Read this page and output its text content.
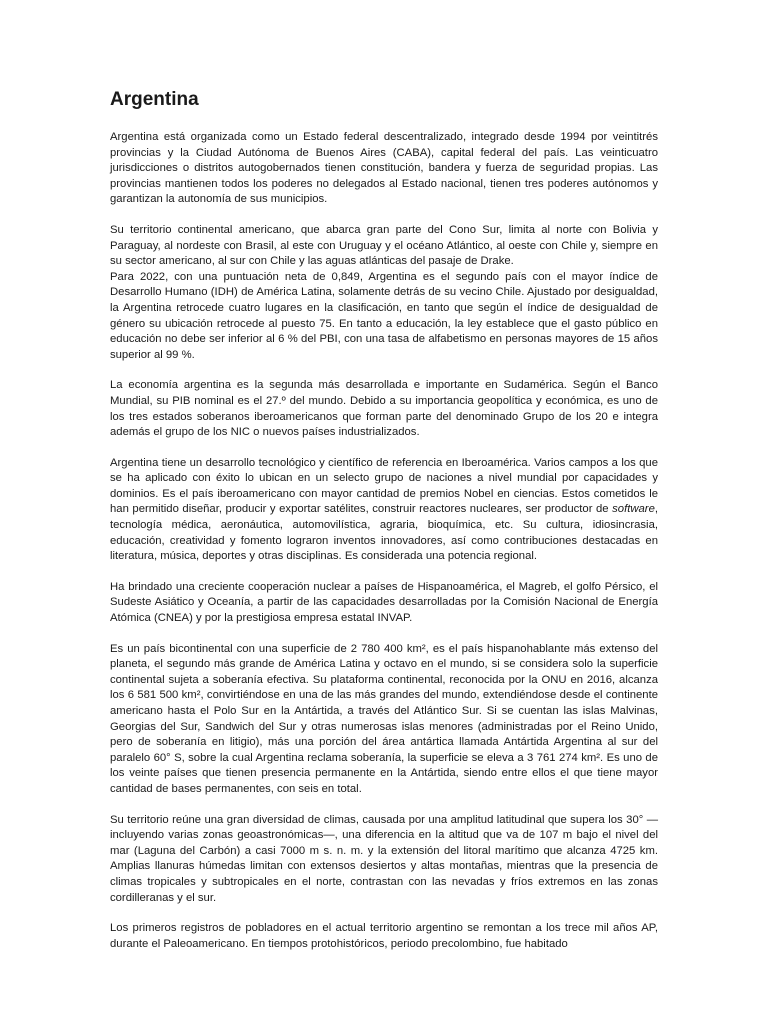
Argentina

Argentina está organizada como un Estado federal descentralizado, integrado desde 1994 por veintitrés provincias y la Ciudad Autónoma de Buenos Aires (CABA), capital federal del país. Las veinticuatro jurisdicciones o distritos autogobernados tienen constitución, bandera y fuerza de seguridad propias. Las provincias mantienen todos los poderes no delegados al Estado nacional, tienen tres poderes autónomos y garantizan la autonomía de sus municipios.

Su territorio continental americano, que abarca gran parte del Cono Sur, limita al norte con Bolivia y Paraguay, al nordeste con Brasil, al este con Uruguay y el océano Atlántico, al oeste con Chile y, siempre en su sector americano, al sur con Chile y las aguas atlánticas del pasaje de Drake.

Para 2022, con una puntuación neta de 0,849, Argentina es el segundo país con el mayor índice de Desarrollo Humano (IDH) de América Latina, solamente detrás de su vecino Chile. Ajustado por desigualdad, la Argentina retrocede cuatro lugares en la clasificación, en tanto que según el índice de desigualdad de género su ubicación retrocede al puesto 75. En tanto a educación, la ley establece que el gasto público en educación no debe ser inferior al 6 % del PBI, con una tasa de alfabetismo en personas mayores de 15 años superior al 99 %.

La economía argentina es la segunda más desarrollada e importante en Sudamérica. Según el Banco Mundial, su PIB nominal es el 27.º del mundo. Debido a su importancia geopolítica y económica, es uno de los tres estados soberanos iberoamericanos que forman parte del denominado Grupo de los 20 e integra además el grupo de los NIC o nuevos países industrializados.

Argentina tiene un desarrollo tecnológico y científico de referencia en Iberoamérica. Varios campos a los que se ha aplicado con éxito lo ubican en un selecto grupo de naciones a nivel mundial por capacidades y dominios. Es el país iberoamericano con mayor cantidad de premios Nobel en ciencias. Estos cometidos le han permitido diseñar, producir y exportar satélites, construir reactores nucleares, ser productor de software, tecnología médica, aeronáutica, automovilística, agraria, bioquímica, etc. Su cultura, idiosincrasia, educación, creatividad y fomento lograron inventos innovadores, así como contribuciones destacadas en literatura, música, deportes y otras disciplinas. Es considerada una potencia regional.

Ha brindado una creciente cooperación nuclear a países de Hispanoamérica, el Magreb, el golfo Pérsico, el Sudeste Asiático y Oceanía, a partir de las capacidades desarrolladas por la Comisión Nacional de Energía Atómica (CNEA) y por la prestigiosa empresa estatal INVAP.

Es un país bicontinental con una superficie de 2 780 400 km², es el país hispanohablante más extenso del planeta, el segundo más grande de América Latina y octavo en el mundo, si se considera solo la superficie continental sujeta a soberanía efectiva. Su plataforma continental, reconocida por la ONU en 2016, alcanza los 6 581 500 km², convirtiéndose en una de las más grandes del mundo, extendiéndose desde el continente americano hasta el Polo Sur en la Antártida, a través del Atlántico Sur. Si se cuentan las islas Malvinas, Georgias del Sur, Sandwich del Sur y otras numerosas islas menores (administradas por el Reino Unido, pero de soberanía en litigio), más una porción del área antártica llamada Antártida Argentina al sur del paralelo 60° S, sobre la cual Argentina reclama soberanía, la superficie se eleva a 3 761 274 km². Es uno de los veinte países que tienen presencia permanente en la Antártida, siendo entre ellos el que tiene mayor cantidad de bases permanentes, con seis en total.

Su territorio reúne una gran diversidad de climas, causada por una amplitud latitudinal que supera los 30° —incluyendo varias zonas geoastronómicas—, una diferencia en la altitud que va de 107 m bajo el nivel del mar (Laguna del Carbón) a casi 7000 m s. n. m. y la extensión del litoral marítimo que alcanza 4725 km. Amplias llanuras húmedas limitan con extensos desiertos y altas montañas, mientras que la presencia de climas tropicales y subtropicales en el norte, contrastan con las nevadas y fríos extremos en las zonas cordilleranas y el sur.

Los primeros registros de pobladores en el actual territorio argentino se remontan a los trece mil años AP, durante el Paleoamericano. En tiempos protohistóricos, periodo precolombino, fue habitado
